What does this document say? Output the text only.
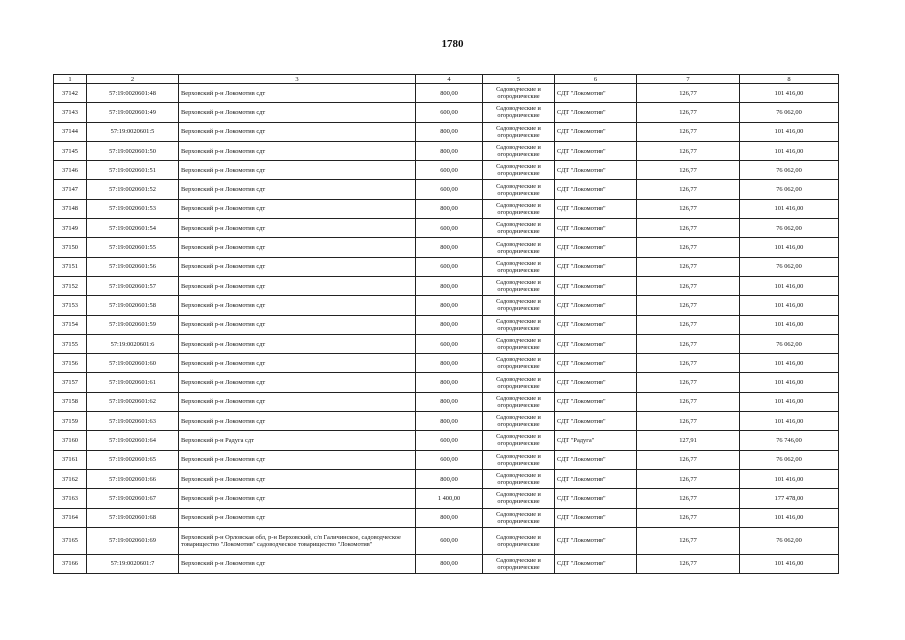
1780
1	2	3	4	5	6	7	8
37142	57:19:0020601:48	Верховский р-н Локомотив сдт	800,00	Садоводческие и
огороднические	СДТ "Локомотив"	126,77	101 416,00
37143	57:19:0020601:49	Верховский р-н Локомотив сдт	600,00	Садоводческие и
огороднические	СДТ "Локомотив"	126,77	76 062,00
37144	57:19:0020601:5	Верховский р-н Локомотив сдт	800,00	Садоводческие и
огороднические	СДТ "Локомотив"	126,77	101 416,00
37145	57:19:0020601:50	Верховский р-н Локомотив сдт	800,00	Садоводческие и
огороднические	СДТ "Локомотив"	126,77	101 416,00
37146	57:19:0020601:51	Верховский р-н Локомотив сдт	600,00	Садоводческие и
огороднические	СДТ "Локомотив"	126,77	76 062,00
37147	57:19:0020601:52	Верховский р-н Локомотив сдт	600,00	Садоводческие и
огороднические	СДТ "Локомотив"	126,77	76 062,00
37148	57:19:0020601:53	Верховский р-н Локомотив сдт	800,00	Садоводческие и
огороднические	СДТ "Локомотив"	126,77	101 416,00
37149	57:19:0020601:54	Верховский р-н Локомотив сдт	600,00	Садоводческие и
огороднические	СДТ "Локомотив"	126,77	76 062,00
37150	57:19:0020601:55	Верховский р-н Локомотив сдт	800,00	Садоводческие и
огороднические	СДТ "Локомотив"	126,77	101 416,00
37151	57:19:0020601:56	Верховский р-н Локомотив сдт	600,00	Садоводческие и
огороднические	СДТ "Локомотив"	126,77	76 062,00
37152	57:19:0020601:57	Верховский р-н Локомотив сдт	800,00	Садоводческие и
огороднические	СДТ "Локомотив"	126,77	101 416,00
37153	57:19:0020601:58	Верховский р-н Локомотив сдт	800,00	Садоводческие и
огороднические	СДТ "Локомотив"	126,77	101 416,00
37154	57:19:0020601:59	Верховский р-н Локомотив сдт	800,00	Садоводческие и
огороднические	СДТ "Локомотив"	126,77	101 416,00
37155	57:19:0020601:6	Верховский р-н Локомотив сдт	600,00	Садоводческие и
огороднические	СДТ "Локомотив"	126,77	76 062,00
37156	57:19:0020601:60	Верховский р-н Локомотив сдт	800,00	Садоводческие и
огороднические	СДТ "Локомотив"	126,77	101 416,00
37157	57:19:0020601:61	Верховский р-н Локомотив сдт	800,00	Садоводческие и
огороднические	СДТ "Локомотив"	126,77	101 416,00
37158	57:19:0020601:62	Верховский р-н Локомотив сдт	800,00	Садоводческие и
огороднические	СДТ "Локомотив"	126,77	101 416,00
37159	57:19:0020601:63	Верховский р-н Локомотив сдт	800,00	Садоводческие и
огороднические	СДТ "Локомотив"	126,77	101 416,00
37160	57:19:0020601:64	Верховский р-н Радуга сдт	600,00	Садоводческие и
огороднические	СДТ "Радуга"	127,91	76 746,00
37161	57:19:0020601:65	Верховский р-н Локомотив сдт	600,00	Садоводческие и
огороднические	СДТ "Локомотив"	126,77	76 062,00
37162	57:19:0020601:66	Верховский р-н Локомотив сдт	800,00	Садоводческие и
огороднические	СДТ "Локомотив"	126,77	101 416,00
37163	57:19:0020601:67	Верховский р-н Локомотив сдт	1 400,00	Садоводческие и
огороднические	СДТ "Локомотив"	126,77	177 478,00
37164	57:19:0020601:68	Верховский р-н Локомотив сдт	800,00	Садоводческие и
огороднические	СДТ "Локомотив"	126,77	101 416,00
37165	57:19:0020601:69	Верховский р-н Орловская обл, р-н Верховский, с/п Галичинское, садоводческое товарищество "Локомотив" садоводческое товарищество "Локомотив"	600,00	Садоводческие и
огороднические	СДТ "Локомотив"	126,77	76 062,00
37166	57:19:0020601:7	Верховский р-н Локомотив сдт	800,00	Садоводческие и
огороднические	СДТ "Локомотив"	126,77	101 416,00
